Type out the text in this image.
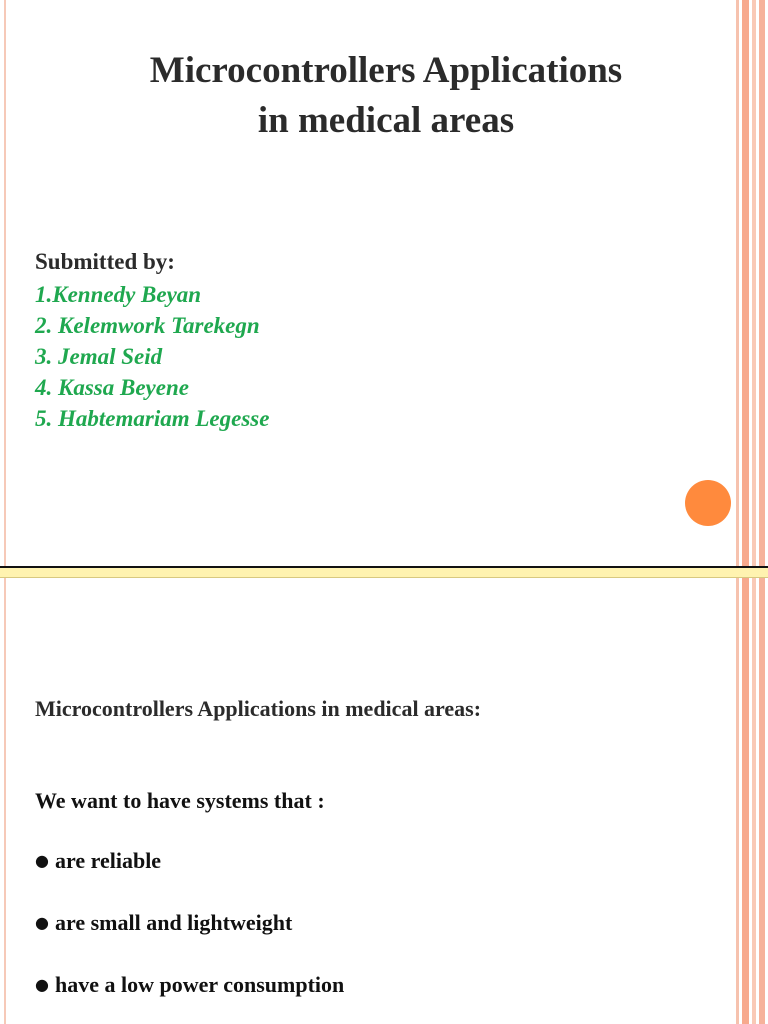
Microcontrollers Applications
in medical areas
Submitted by:
1.Kennedy Beyan
2. Kelemwork Tarekegn
3. Jemal Seid
4. Kassa Beyene
5. Habtemariam Legesse
Microcontrollers Applications in medical areas:
We want to have systems that :
● are reliable
● are small and lightweight
● have a low power consumption
